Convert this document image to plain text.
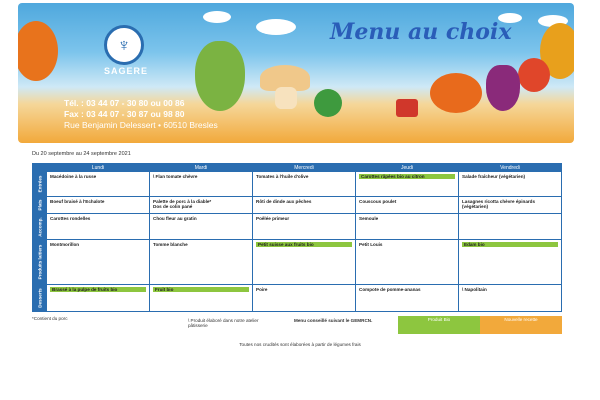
♆
SAGERE
Tél. : 03 44 07 - 30 80 ou 00 86
Fax : 03 44 07 - 30 87 ou 98 80
Rue Benjamin Delessert • 60510 Bresles
Menu au choix
Du 20 septembre au 24 septembre 2021
	Lundi	Mardi	Mercredi	Jeudi	Vendredi

Entrées	Macédoine à la russe	\ Flan tomate chèvre	Tomates à l'huile d'olive	Carottes râpées bio au citron	Salade fraîcheur (végétarien)

Plats	Boeuf braisé à l'Echalote	Palette de porc à la diable*
Dos de colin pané	Rôti de dinde aux pêches	Couscous poulet	Lasagnes ricotta chèvre épinards (végétarien)

Accomp.	Carottes rondelles	Chou fleur au gratin	Poêlée primeur	Semoule	

Produits laitiers	Montmorillon	Tomme blanche	Petit suisse aux fruits bio	Petit Louis	Edam bio

Desserts	Brassé à la pulpe de fruits bio	Fruit bio	Poire	Compote de pomme-ananas	\ Napolitain
*Contient du porc	\ Produit élaboré dans notre atelier pâtisserie
Menu conseillé suivant le GEMRCN.	Produit Bio	Nouvelle recette
Toutes nos crudités sont élaborées à partir de légumes frais
